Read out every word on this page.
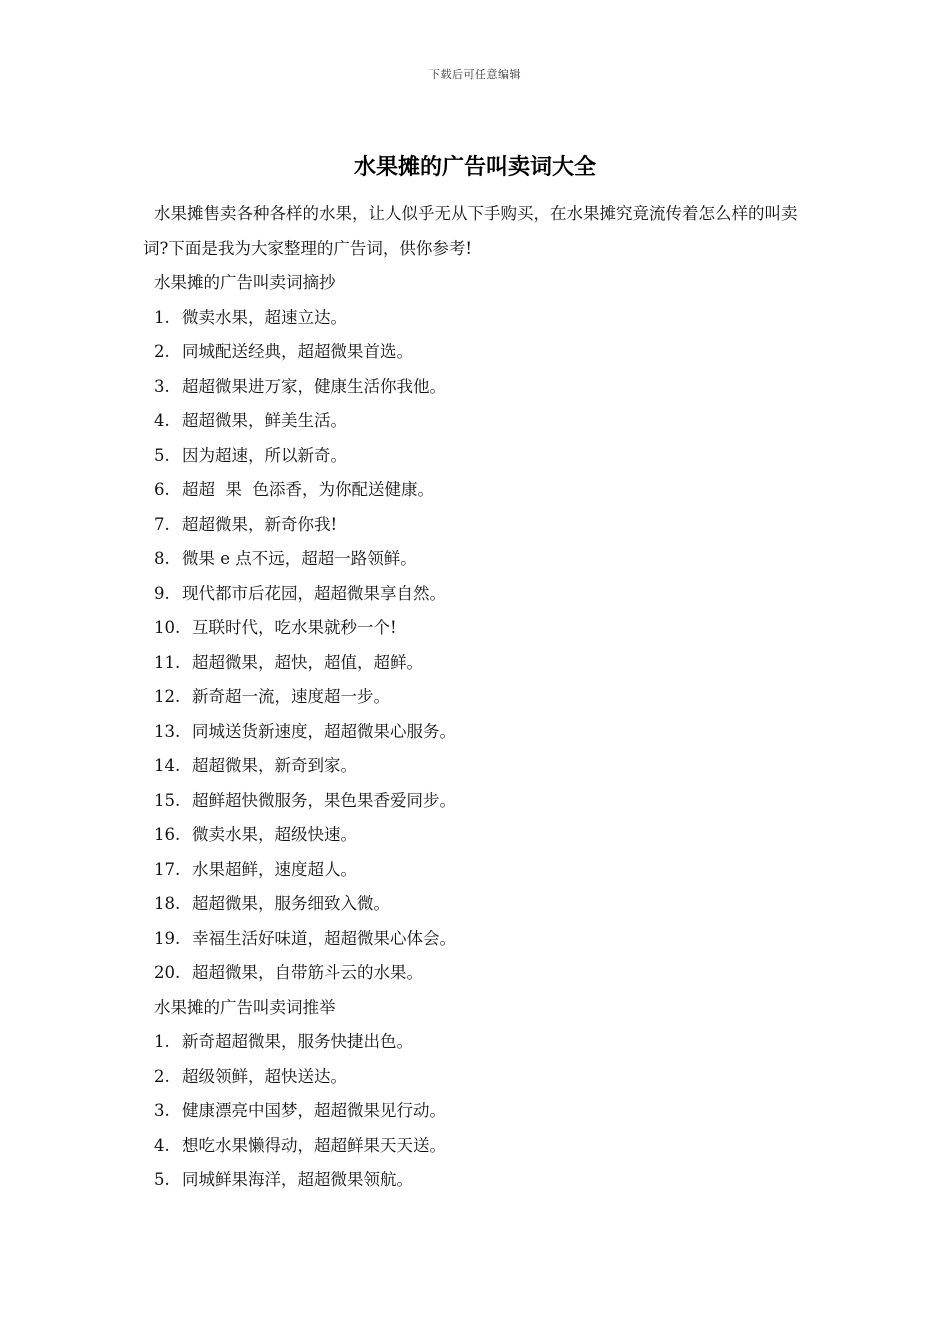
下载后可任意编辑
水果摊的广告叫卖词大全

水果摊售卖各种各样的水果，让人似乎无从下手购买，在水果摊究竟流传着怎么样的叫卖词?下面是我为大家整理的广告词，供你参考!

水果摊的广告叫卖词摘抄

1. 微卖水果，超速立达。
2. 同城配送经典，超超微果首选。
3. 超超微果进万家，健康生活你我他。
4. 超超微果，鲜美生活。
5. 因为超速，所以新奇。
6. 超超  果  色添香，为你配送健康。
7. 超超微果，新奇你我!
8. 微果 e 点不远，超超一路领鲜。
9. 现代都市后花园，超超微果享自然。
10. 互联时代，吃水果就秒一个!
11. 超超微果，超快，超值，超鲜。
12. 新奇超一流，速度超一步。
13. 同城送货新速度，超超微果心服务。
14. 超超微果，新奇到家。
15. 超鲜超快微服务，果色果香爱同步。
16. 微卖水果，超级快速。
17. 水果超鲜，速度超人。
18. 超超微果，服务细致入微。
19. 幸福生活好味道，超超微果心体会。
20. 超超微果，自带筋斗云的水果。

水果摊的广告叫卖词推举

1. 新奇超超微果，服务快捷出色。
2. 超级领鲜，超快送达。
3. 健康漂亮中国梦，超超微果见行动。
4. 想吃水果懒得动，超超鲜果天天送。
5. 同城鲜果海洋，超超微果领航。
